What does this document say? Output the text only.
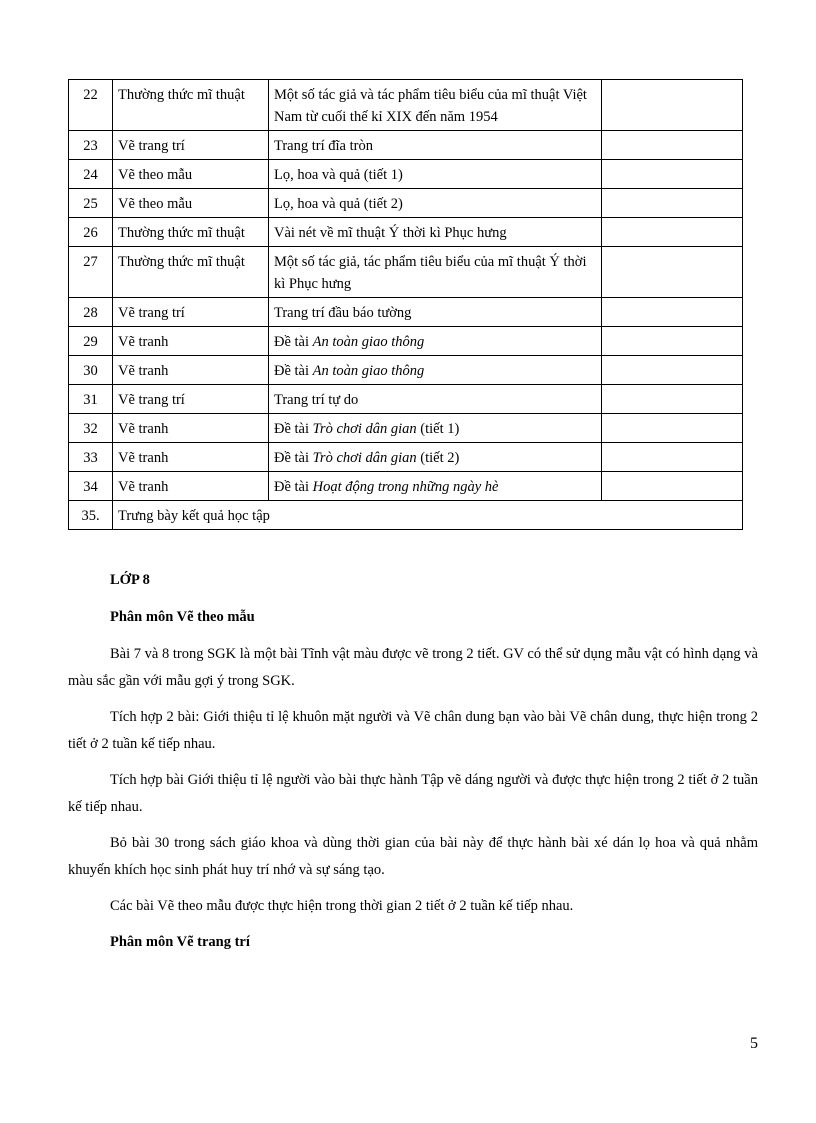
22	Thường thức mĩ thuật	Một số tác giả và tác phẩm tiêu biểu của mĩ thuật Việt Nam từ cuối thế kỉ XIX đến năm 1954	
23	Vẽ trang trí	Trang trí đĩa tròn	
24	Vẽ theo mẫu	Lọ, hoa và quả (tiết 1)	
25	Vẽ theo mẫu	Lọ, hoa và quả (tiết 2)	
26	Thường thức mĩ thuật	Vài nét về mĩ thuật Ý thời kì Phục hưng	
27	Thường thức mĩ thuật	Một số tác giả, tác phẩm tiêu biểu của mĩ thuật Ý thời kì Phục hưng	
28	Vẽ trang trí	Trang trí đầu báo tường	
29	Vẽ tranh	Đề tài An toàn giao thông	
30	Vẽ tranh	Đề tài An toàn giao thông	
31	Vẽ trang trí	Trang trí tự do	
32	Vẽ tranh	Đề tài Trò chơi dân gian (tiết 1)	
33	Vẽ tranh	Đề tài Trò chơi dân gian (tiết 2)	
34	Vẽ tranh	Đề tài Hoạt động trong những ngày hè	
35.	Trưng bày kết quả học tập		

LỚP 8

Phân môn Vẽ theo mẫu

Bài 7 và 8 trong SGK là một bài Tĩnh vật màu được vẽ trong 2 tiết. GV có thể sử dụng mẫu vật có hình dạng và màu sắc gần với mẫu gợi ý trong SGK.

Tích hợp 2 bài: Giới thiệu tỉ lệ khuôn mặt người và Vẽ chân dung bạn vào bài Vẽ chân dung, thực hiện trong 2 tiết ở 2 tuần kế tiếp nhau.

Tích hợp bài Giới thiệu tỉ lệ người vào bài thực hành Tập vẽ dáng người và được thực hiện trong 2 tiết ở 2 tuần kế tiếp nhau.

Bỏ bài 30 trong sách giáo khoa và dùng thời gian của bài này để thực hành bài xé dán lọ hoa và quả nhằm khuyến khích học sinh phát huy trí nhớ và sự sáng tạo.

Các bài Vẽ theo mẫu được thực hiện trong thời gian 2 tiết ở 2 tuần kế tiếp nhau.

Phân môn Vẽ trang trí

5
